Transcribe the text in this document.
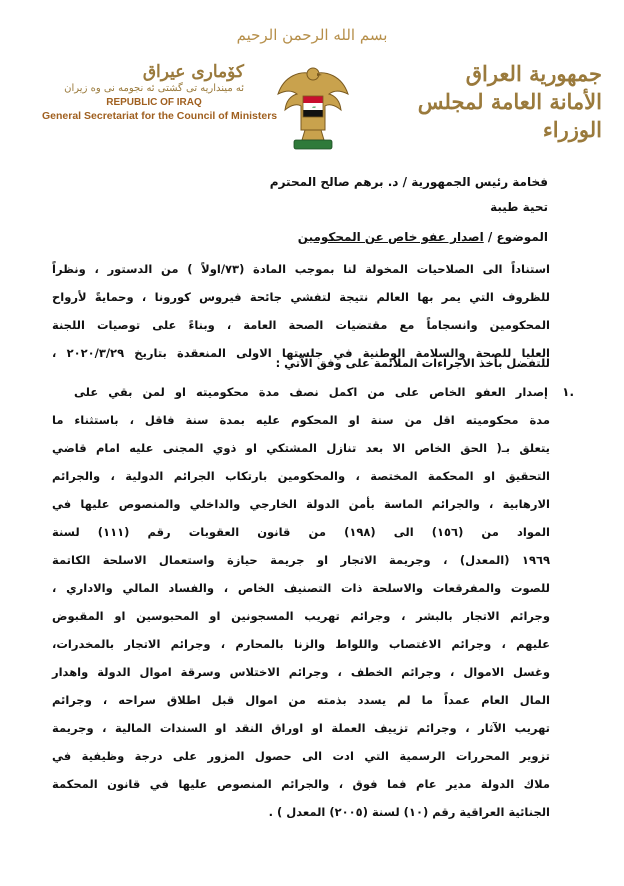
بسم الله الرحمن الرحيم
كۆماری عیراق
ئه مینداریه تی گشتی ئه نجومه نی وه زیران
REPUBLIC OF IRAQ
General Secretariat for the Council of Ministers
ﷲ
جمهورية العراق
الأمانة العامة لمجلس الوزراء
فخامة رئيس الجمهورية / د. برهم صالح المحترم
تحية طيبة
الموضوع / اصدار عفو خاص عن المحكومين
استناداً الى الصلاحيات المخولة لنا بموجب المادة (٧٣/اولاً ) من الدستور ، ونظراً
للظروف التي يمر بها العالم نتيجة لتفشي جائحة فيروس كورونا ، وحمايةً لأرواح
المحكومين وانسجاماً مع مقتضيات الصحة العامة ، وبناءً على توصيات اللجنة
العليا للصحة والسلامة الوطنية في جلستها الاولى المنعقدة بتاريخ ٢٠٢٠/٣/٢٩ ،
للتفضل بأخذ الاجراءات الملائمة على وفق الآتي :
١.
إصدار العفو الخاص على من اكمل نصف مدة محكوميته او لمن بقي على
مدة محكوميته اقل من سنة او المحكوم عليه بمدة سنة فاقل ، باستثناء ما
يتعلق بـ( الحق الخاص الا بعد تنازل المشتكي او ذوي المجنى عليه امام قاضي
التحقيق او المحكمة المختصة ، والمحكومين بارتكاب الجرائم الدولية ، والجرائم
الارهابية ، والجرائم الماسة بأمن الدولة الخارجي والداخلي والمنصوص عليها في
المواد من (١٥٦) الى (١٩٨) من قانون العقوبات رقم (١١١) لسنة
١٩٦٩ (المعدل) ، وجريمة الاتجار او جريمة حيازة واستعمال الاسلحة الكاتمة
للصوت والمفرقعات والاسلحة ذات التصنيف الخاص ، والفساد المالي والاداري ،
وجرائم الاتجار بالبشر ، وجرائم تهريب المسجونين او المحبوسين او المقبوض
عليهم ، وجرائم الاغتصاب واللواط والزنا بالمحارم ، وجرائم الاتجار بالمخدرات،
وغسل الاموال ، وجرائم الخطف ، وجرائم الاختلاس وسرقة اموال الدولة واهدار
المال العام عمداً ما لم يسدد بذمته من اموال قبل اطلاق سراحه ، وجرائم
تهريب الآثار ، وجرائم تزييف العملة او اوراق النقد او السندات المالية ، وجريمة
تزوير المحررات الرسمية التي ادت الى حصول المزور على درجة وظيفية في
ملاك الدولة مدير عام فما فوق ، والجرائم المنصوص عليها في قانون المحكمة
الجنائية العراقية رقم (١٠) لسنة (٢٠٠٥) المعدل ) .
